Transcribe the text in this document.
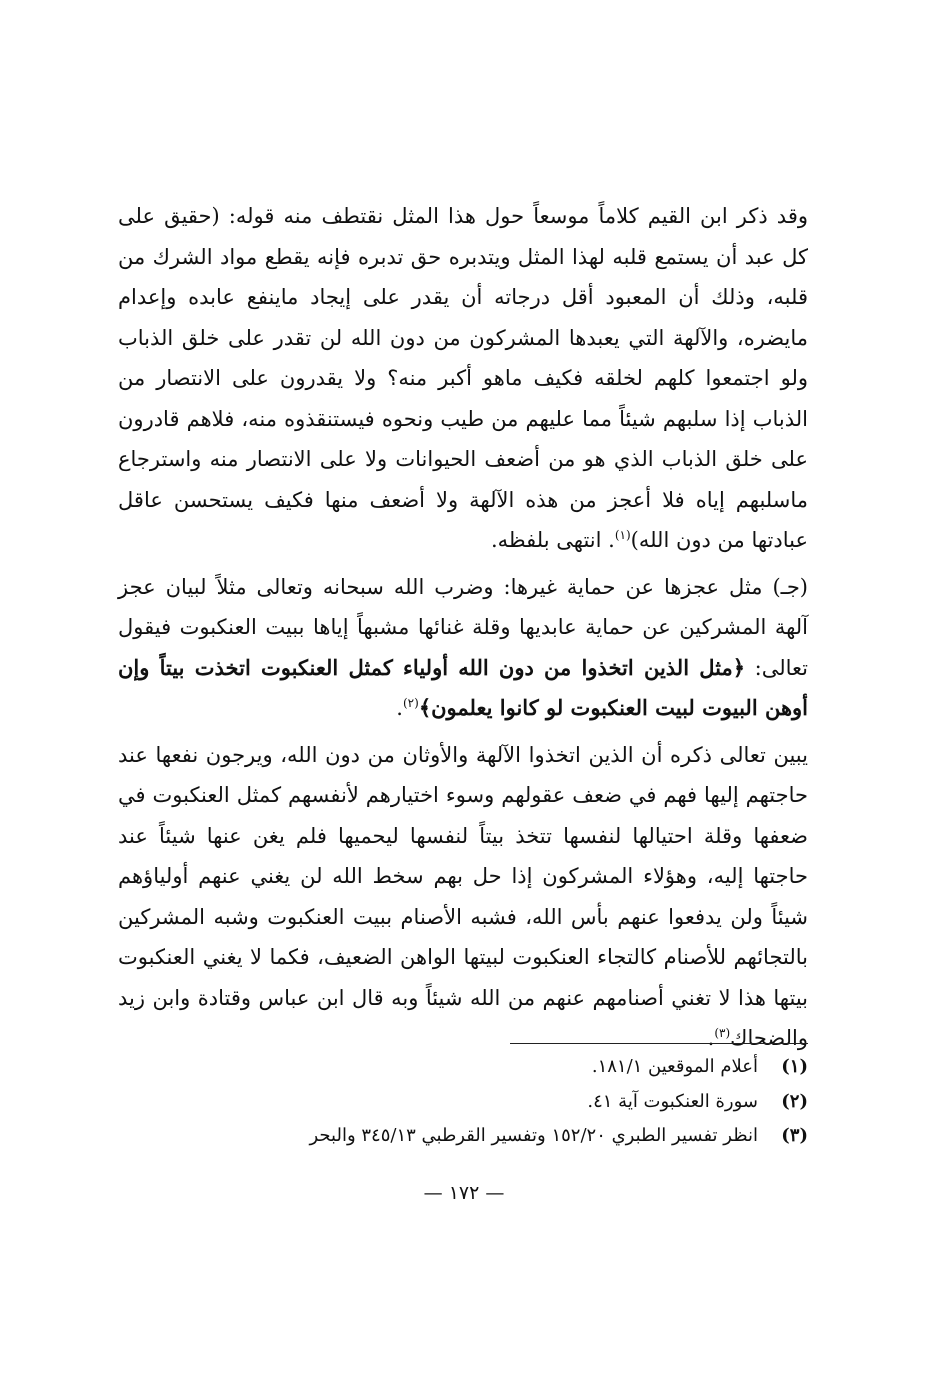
وقد ذكر ابن القيم كلاماً موسعاً حول هذا المثل نقتطف منه قوله: (حقيق على كل عبد أن يستمع قلبه لهذا المثل ويتدبره حق تدبره فإنه يقطع مواد الشرك من قلبه، وذلك أن المعبود أقل درجاته أن يقدر على إيجاد ماينفع عابده وإعدام مايضره، والآلهة التي يعبدها المشركون من دون الله لن تقدر على خلق الذباب ولو اجتمعوا كلهم لخلقه فكيف ماهو أكبر منه؟ ولا يقدرون على الانتصار من الذباب إذا سلبهم شيئاً مما عليهم من طيب ونحوه فيستنقذوه منه، فلاهم قادرون على خلق الذباب الذي هو من أضعف الحيوانات ولا على الانتصار منه واسترجاع ماسلبهم إياه فلا أعجز من هذه الآلهة ولا أضعف منها فكيف يستحسن عاقل عبادتها من دون الله)$^{(١)}$. انتهى بلفظه.

(جـ) مثل عجزها عن حماية غيرها: وضرب الله سبحانه وتعالى مثلاً لبيان عجز آلهة المشركين عن حماية عابديها وقلة غنائها مشبهاً إياها ببيت العنكبوت فيقول تعالى: ﴿مثل الذين اتخذوا من دون الله أولياء كمثل العنكبوت اتخذت بيتاً وإن أوهن البيوت لبيت العنكبوت لو كانوا يعلمون﴾$^{(٢)}$.

يبين تعالى ذكره أن الذين اتخذوا الآلهة والأوثان من دون الله، ويرجون نفعها عند حاجتهم إليها فهم في ضعف عقولهم وسوء اختيارهم لأنفسهم كمثل العنكبوت في ضعفها وقلة احتيالها لنفسها تتخذ بيتاً لنفسها ليحميها فلم يغن عنها شيئاً عند حاجتها إليه، وهؤلاء المشركون إذا حل بهم سخط الله لن يغني عنهم أولياؤهم شيئاً ولن يدفعوا عنهم بأس الله، فشبه الأصنام ببيت العنكبوت وشبه المشركين بالتجائهم للأصنام كالتجاء العنكبوت لبيتها الواهن الضعيف، فكما لا يغني العنكبوت بيتها هذا لا تغني أصنامهم عنهم من الله شيئاً وبه قال ابن عباس وقتادة وابن زيد والضحاك$^{(٣)}$.

(١)
أعلام الموقعين ١٨١/١.
(٢)
سورة العنكبوت آية ٤١.
(٣)
انظر تفسير الطبري ١٥٢/٢٠ وتفسير القرطبي ٣٤٥/١٣ والبحر
— ١٧٢ —
